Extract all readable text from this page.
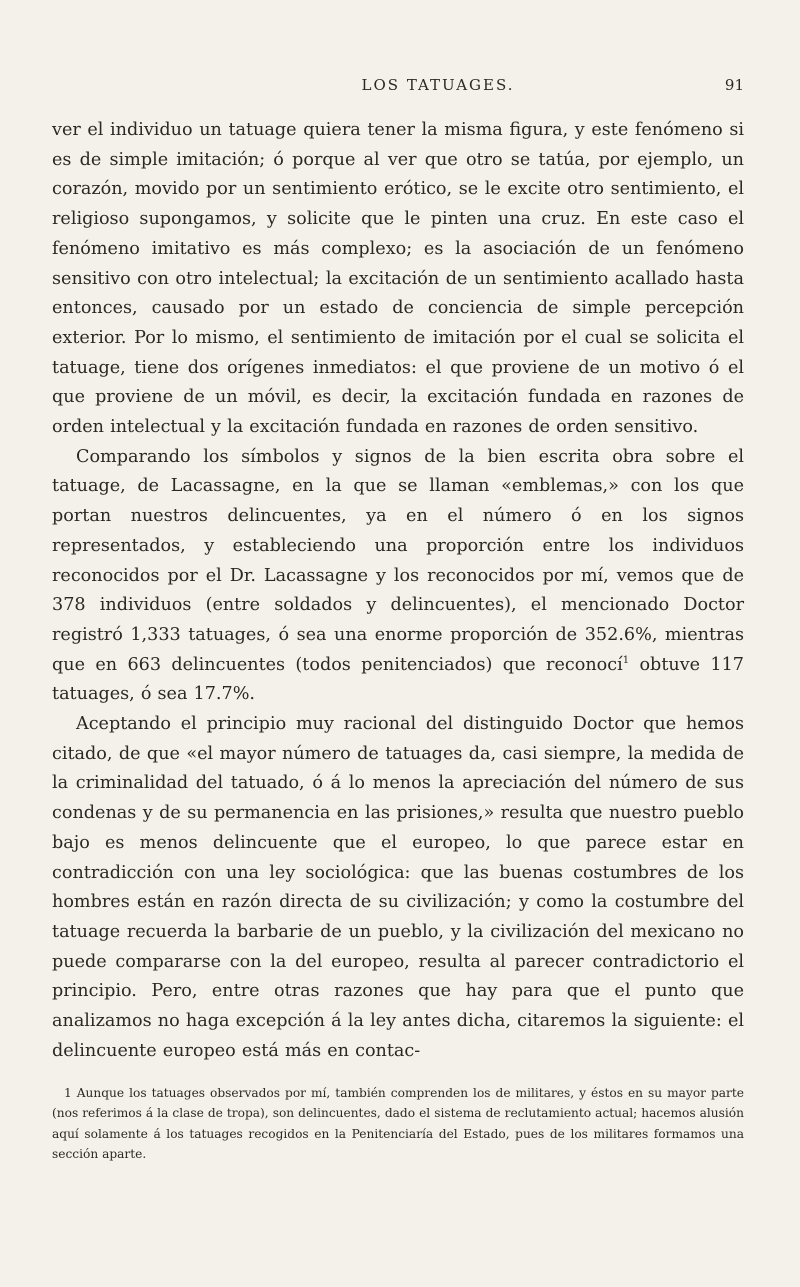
LOS TATUAGES.	91

ver el individuo un tatuage quiera tener la misma figura, y este fenómeno si es de simple imitación; ó porque al ver que otro se tatúa, por ejemplo, un corazón, movido por un sentimiento erótico, se le excite otro sentimiento, el religioso supongamos, y solicite que le pinten una cruz. En este caso el fenómeno imitativo es más complexo; es la asociación de un fenómeno sensitivo con otro intelectual; la excitación de un sentimiento acallado hasta entonces, causado por un estado de conciencia de simple percepción exterior. Por lo mismo, el sentimiento de imitación por el cual se solicita el tatuage, tiene dos orígenes inmediatos: el que proviene de un motivo ó el que proviene de un móvil, es decir, la excitación fundada en razones de orden intelectual y la excitación fundada en razones de orden sensitivo.

Comparando los símbolos y signos de la bien escrita obra sobre el tatuage, de Lacassagne, en la que se llaman «emblemas,» con los que portan nuestros delincuentes, ya en el número ó en los signos representados, y estableciendo una proporción entre los individuos reconocidos por el Dr. Lacassagne y los reconocidos por mí, vemos que de 378 individuos (entre soldados y delincuentes), el mencionado Doctor registró 1,333 tatuages, ó sea una enorme proporción de 352.6%, mientras que en 663 delincuentes (todos penitenciados) que reconocí$^1$ obtuve 117 tatuages, ó sea 17.7%.

Aceptando el principio muy racional del distinguido Doctor que hemos citado, de que «el mayor número de tatuages da, casi siempre, la medida de la criminalidad del tatuado, ó á lo menos la apreciación del número de sus condenas y de su permanencia en las prisiones,» resulta que nuestro pueblo bajo es menos delincuente que el europeo, lo que parece estar en contradicción con una ley sociológica: que las buenas costumbres de los hombres están en razón directa de su civilización; y como la costumbre del tatuage recuerda la barbarie de un pueblo, y la civilización del mexicano no puede compararse con la del europeo, resulta al parecer contradictorio el principio. Pero, entre otras razones que hay para que el punto que analizamos no haga excepción á la ley antes dicha, citaremos la siguiente: el delincuente europeo está más en contac-

1 Aunque los tatuages observados por mí, también comprenden los de militares, y éstos en su mayor parte (nos referimos á la clase de tropa), son delincuentes, dado el sistema de reclutamiento actual; hacemos alusión aquí solamente á los tatuages recogidos en la Penitenciaría del Estado, pues de los militares formamos una sección aparte.
